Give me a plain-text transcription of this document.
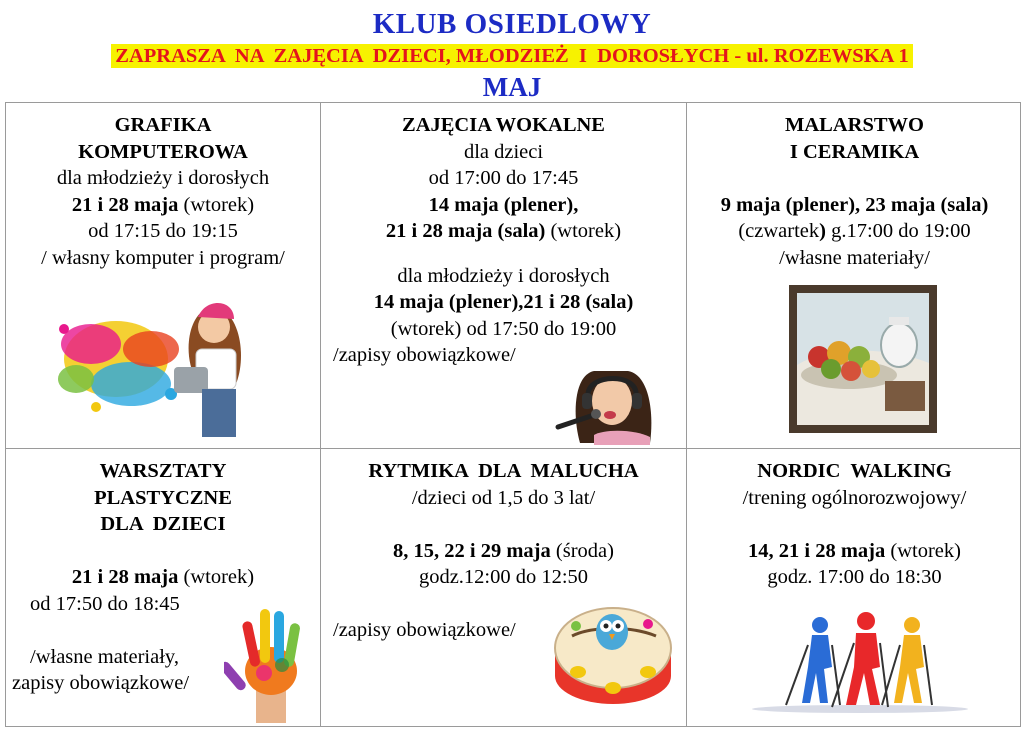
KLUB OSIEDLOWY
ZAPRASZA  NA  ZAJĘCIA  DZIECI, MŁODZIEŻ  I  DOROSŁYCH - ul. ROZEWSKA 1
MAJ
GRAFIKA
KOMPUTEROWA
dla młodzieży i dorosłych
21 i 28 maja (wtorek)
od 17:15 do 19:15
/ własny komputer i program/
ZAJĘCIA WOKALNE
dla dzieci
od 17:00 do 17:45
14 maja (plener),
21 i 28 maja (sala) (wtorek)
dla młodzieży i dorosłych
14 maja (plener),21 i 28 (sala)
(wtorek) od 17:50 do 19:00
/zapisy obowiązkowe/
MALARSTWO
I CERAMIKA

9 maja (plener), 23 maja (sala)
(czwartek) g.17:00 do 19:00
/własne materiały/
WARSZTATY
PLASTYCZNE
DLA  DZIECI

21 i 28 maja (wtorek)
od 17:50 do 18:45

/własne materiały,
zapisy obowiązkowe/
RYTMIKA  DLA  MALUCHA
/dzieci od 1,5 do 3 lat/

8, 15, 22 i 29 maja (środa)
godz.12:00 do 12:50

/zapisy obowiązkowe/
NORDIC  WALKING
/trening ogólnorozwojowy/

14, 21 i 28 maja (wtorek)
godz. 17:00 do 18:30
